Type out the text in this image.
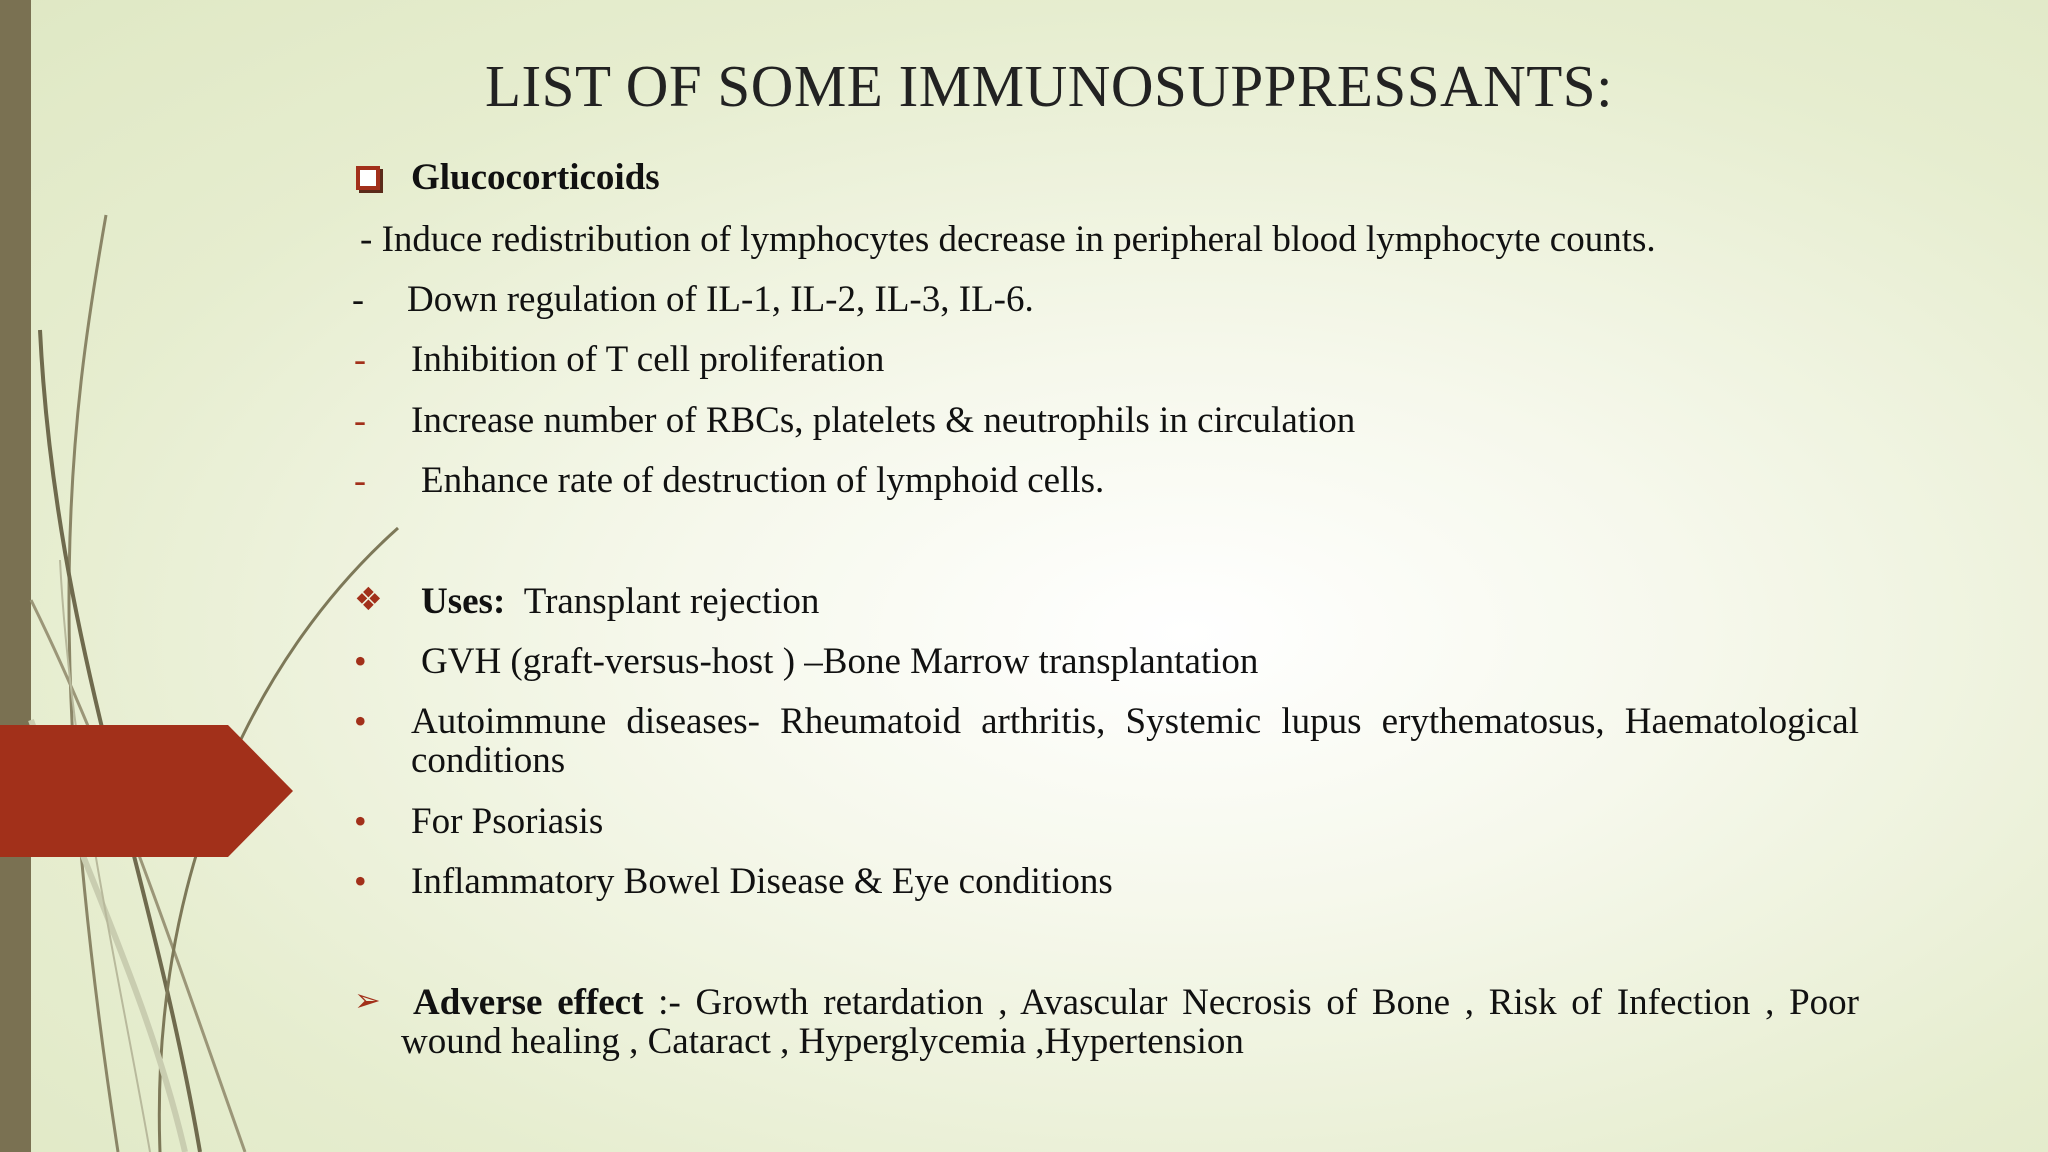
LIST OF SOME IMMUNOSUPPRESSANTS:
Glucocorticoids
- Induce redistribution of lymphocytes decrease in peripheral blood lymphocyte counts.
- Down regulation of IL-1, IL-2, IL-3, IL-6.
- Inhibition of T cell proliferation
- Increase number of RBCs, platelets & neutrophils in circulation
- Enhance rate of destruction of lymphoid cells.
❖ Uses: Transplant rejection
• GVH (graft-versus-host ) –Bone Marrow transplantation
• Autoimmune diseases- Rheumatoid arthritis, Systemic lupus erythematosus, Haematological conditions
• For Psoriasis
• Inflammatory Bowel Disease & Eye conditions
➢ Adverse effect :- Growth retardation , Avascular Necrosis of Bone , Risk of Infection , Poor wound healing , Cataract , Hyperglycemia ,Hypertension
